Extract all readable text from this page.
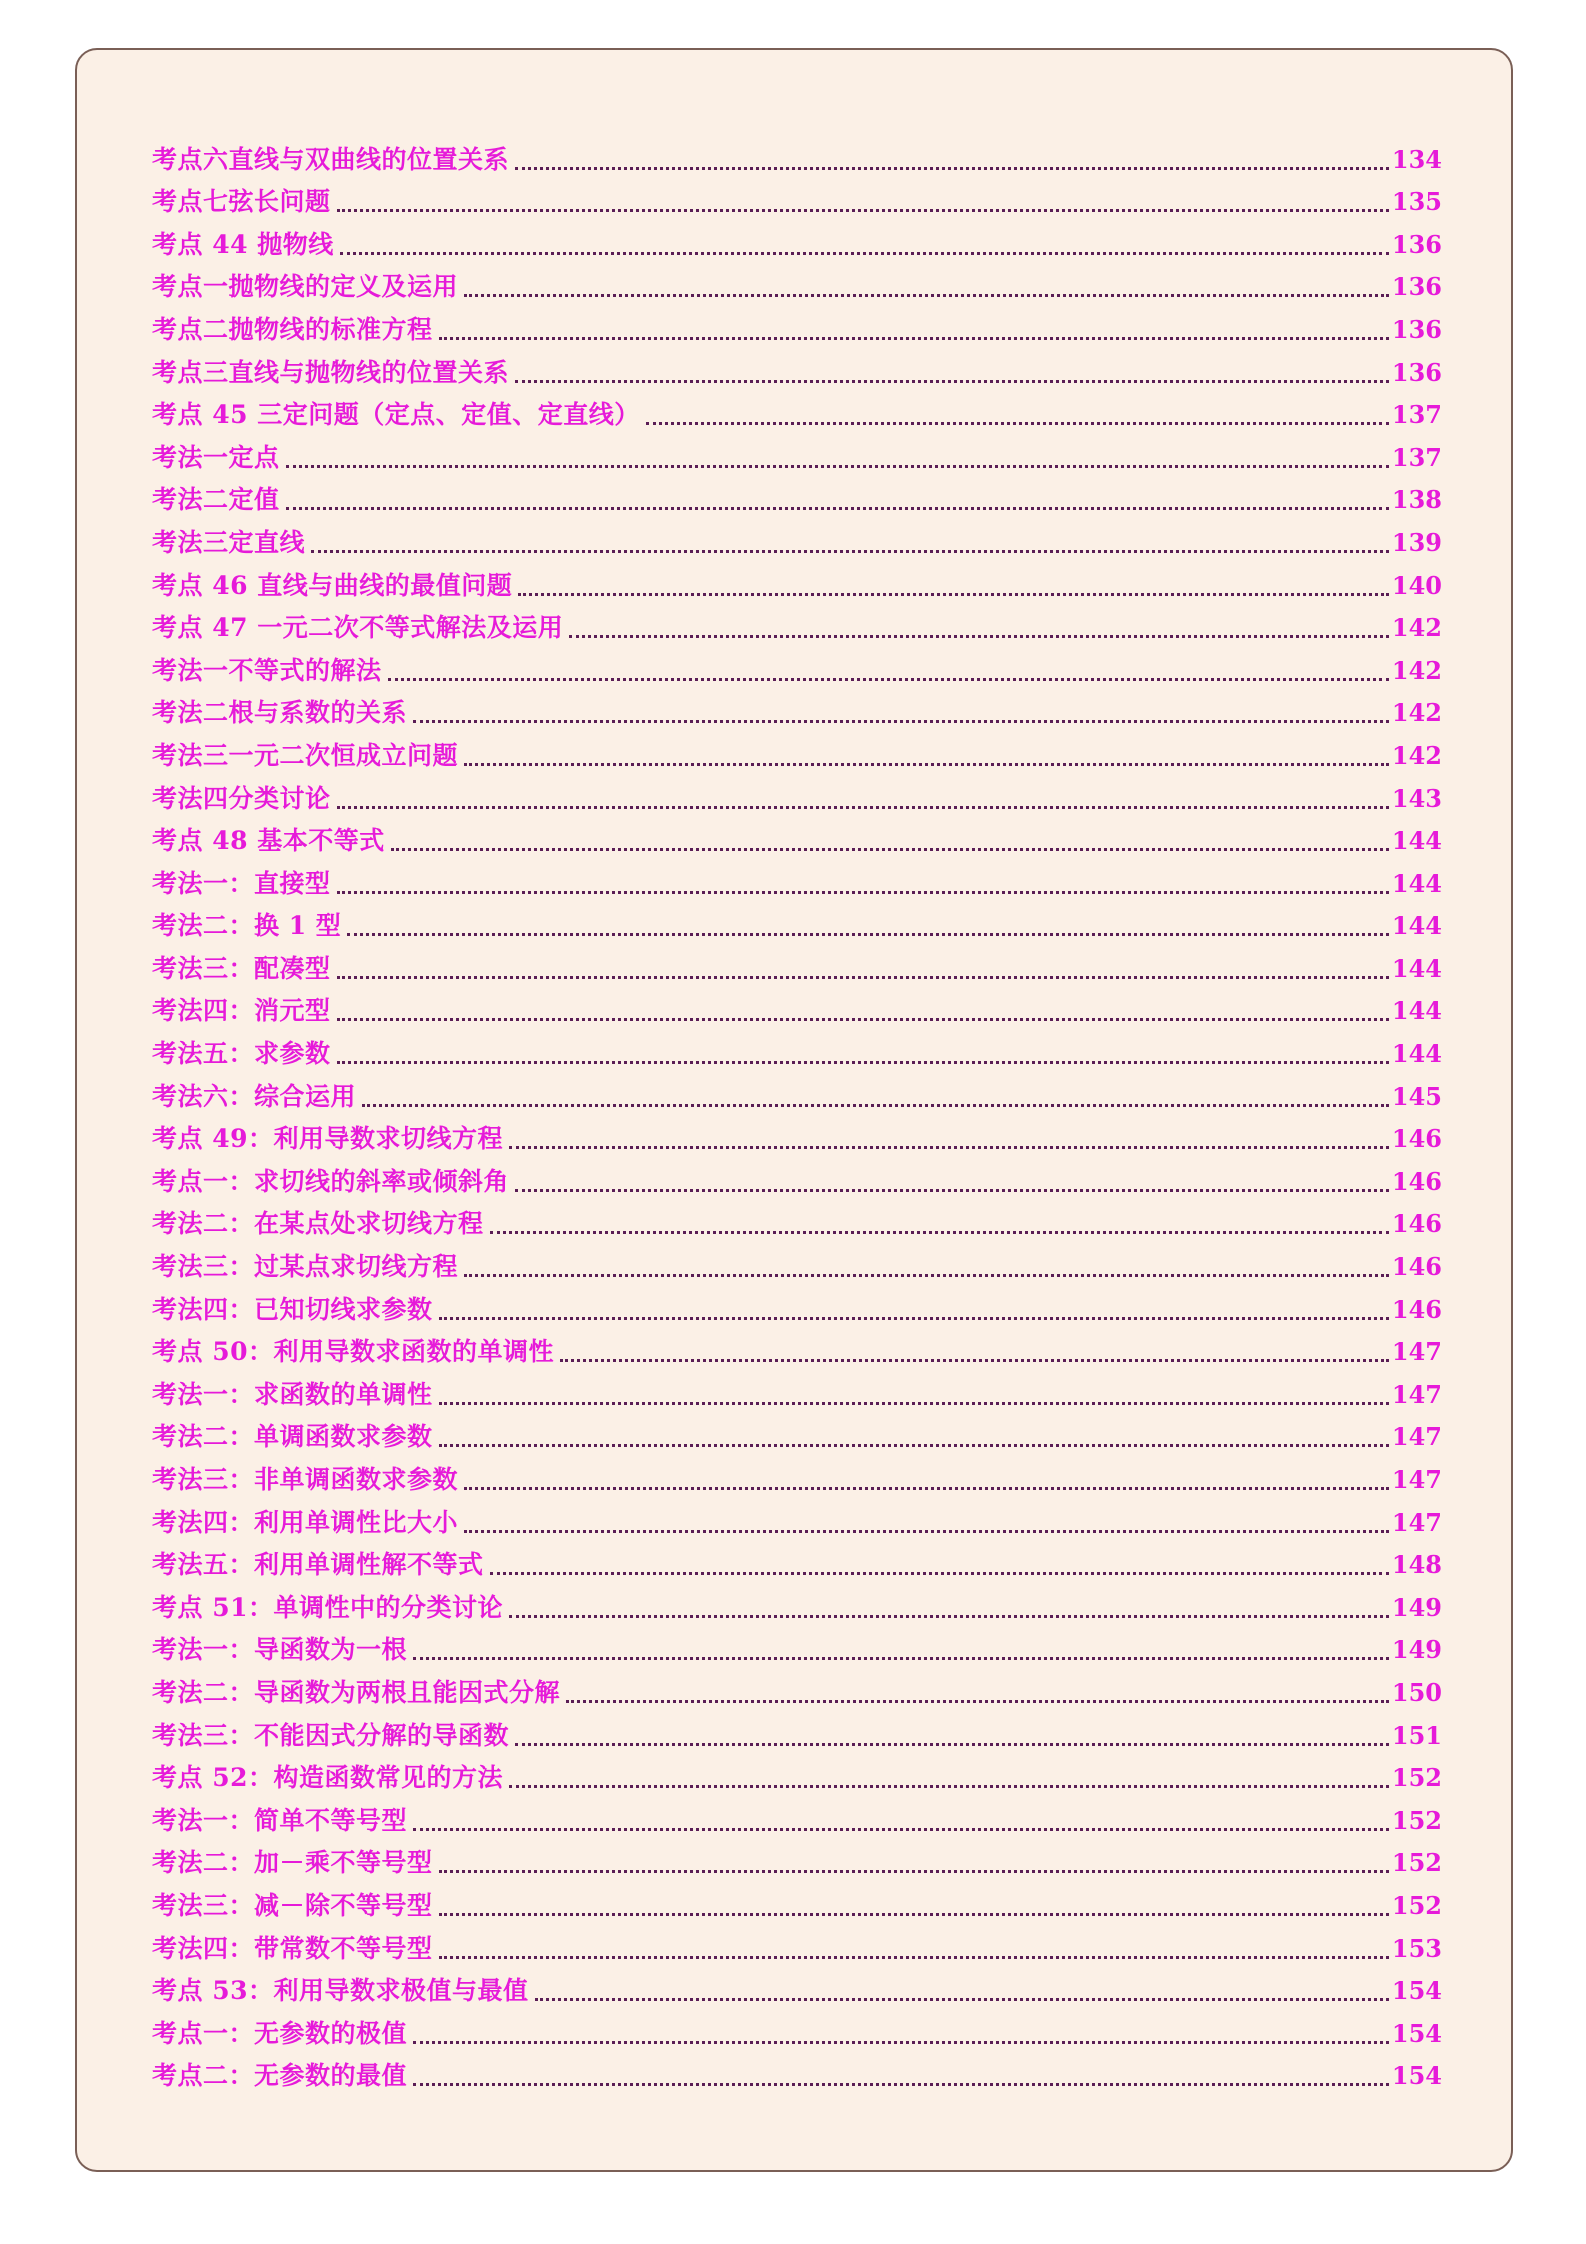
考点六直线与双曲线的位置关系	134
考点七弦长问题	135
考点 44 抛物线	136
考点一抛物线的定义及运用	136
考点二抛物线的标准方程	136
考点三直线与抛物线的位置关系	136
考点 45 三定问题（定点、定值、定直线）	137
考法一定点	137
考法二定值	138
考法三定直线	139
考点 46 直线与曲线的最值问题	140
考点 47 一元二次不等式解法及运用	142
考法一不等式的解法	142
考法二根与系数的关系	142
考法三一元二次恒成立问题	142
考法四分类讨论	143
考点 48 基本不等式	144
考法一：直接型	144
考法二：换 1 型	144
考法三：配凑型	144
考法四：消元型	144
考法五：求参数	144
考法六：综合运用	145
考点 49：利用导数求切线方程	146
考点一：求切线的斜率或倾斜角	146
考法二：在某点处求切线方程	146
考法三：过某点求切线方程	146
考法四：已知切线求参数	146
考点 50：利用导数求函数的单调性	147
考法一：求函数的单调性	147
考法二：单调函数求参数	147
考法三：非单调函数求参数	147
考法四：利用单调性比大小	147
考法五：利用单调性解不等式	148
考点 51：单调性中的分类讨论	149
考法一：导函数为一根	149
考法二：导函数为两根且能因式分解	150
考法三：不能因式分解的导函数	151
考点 52：构造函数常见的方法	152
考法一：简单不等号型	152
考法二：加－乘不等号型	152
考法三：减－除不等号型	152
考法四：带常数不等号型	153
考点 53：利用导数求极值与最值	154
考点一：无参数的极值	154
考点二：无参数的最值	154
